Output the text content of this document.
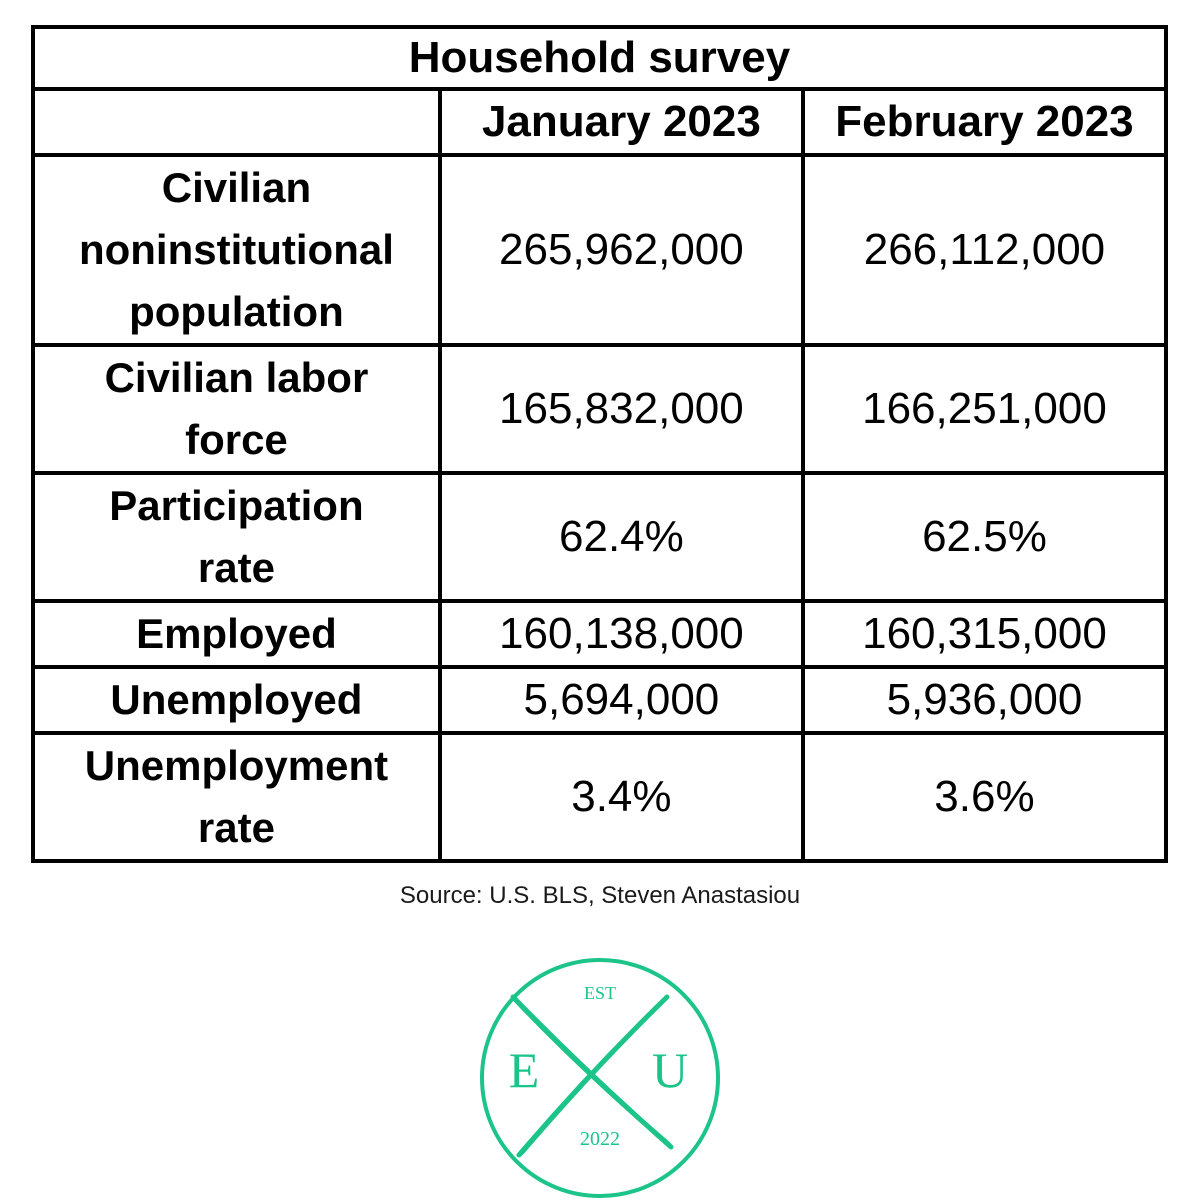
Household survey		
	January 2023	February 2023

Civilian
noninstitutional
population	265,962,000	266,112,000

Civilian labor
force	165,832,000	166,251,000

Participation
rate	62.4%	62.5%

Employed	160,138,000	160,315,000

Unemployed	5,694,000	5,936,000

Unemployment
rate	3.4%	3.6%
Source: U.S. BLS, Steven Anastasiou
EST
E U
2022
